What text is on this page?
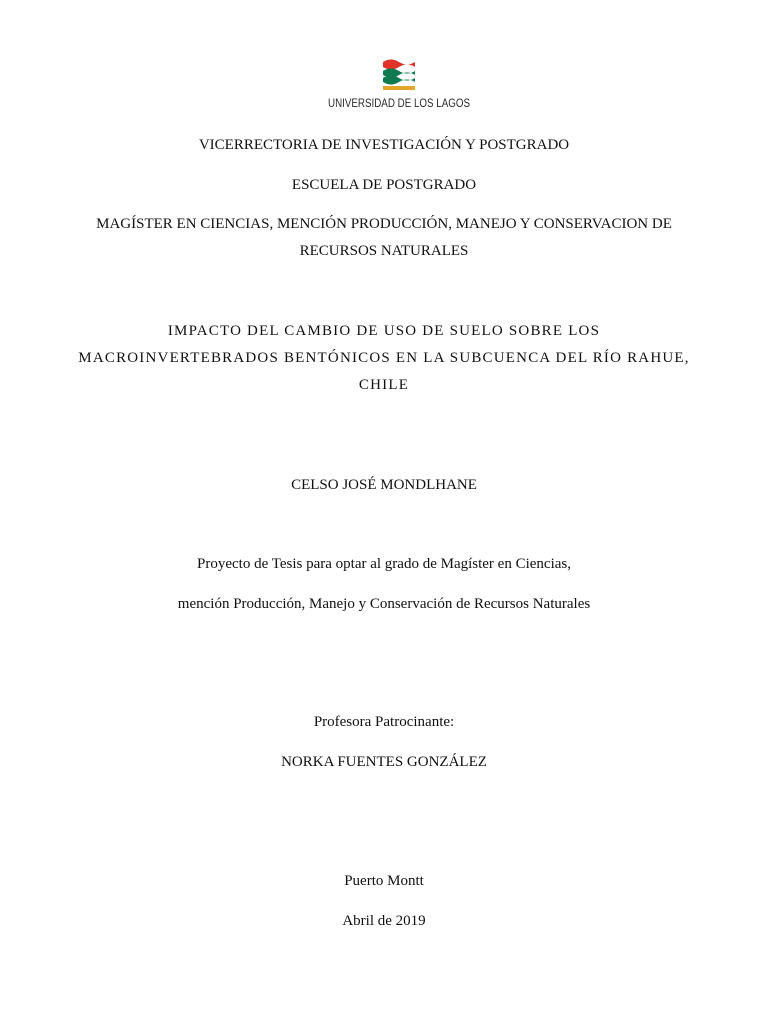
UNIVERSIDAD DE LOS LAGOS
VICERRECTORIA DE INVESTIGACIÓN Y POSTGRADO
ESCUELA DE POSTGRADO
MAGÍSTER EN CIENCIAS, MENCIÓN PRODUCCIÓN, MANEJO Y CONSERVACION DE
RECURSOS NATURALES
IMPACTO DEL CAMBIO DE USO DE SUELO SOBRE LOS
MACROINVERTEBRADOS BENTÓNICOS EN LA SUBCUENCA DEL RÍO RAHUE,
CHILE
CELSO JOSÉ MONDLHANE
Proyecto de Tesis para optar al grado de Magíster en Ciencias,
mención Producción, Manejo y Conservación de Recursos Naturales
Profesora Patrocinante:
NORKA FUENTES GONZÁLEZ
Puerto Montt
Abril de 2019
